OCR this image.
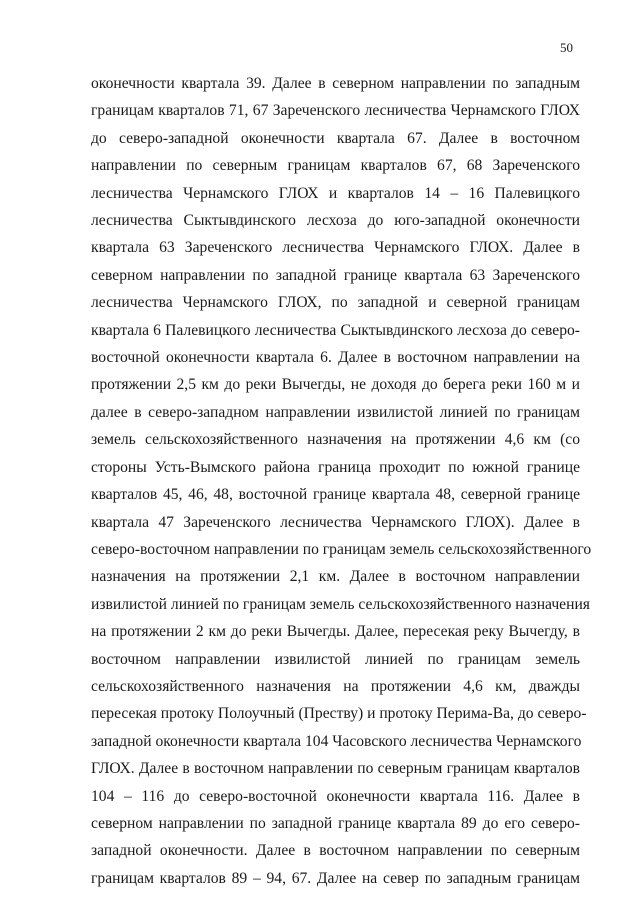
50
оконечности квартала 39. Далее в северном направлении по западным
границам кварталов 71, 67 Зареченского лесничества Чернамского ГЛОХ
до северо-западной оконечности квартала 67. Далее в восточном
направлении по северным границам кварталов 67, 68 Зареченского
лесничества Чернамского ГЛОХ и кварталов 14 – 16 Палевицкого
лесничества Сыктывдинского лесхоза до юго-западной оконечности
квартала 63 Зареченского лесничества Чернамского ГЛОХ. Далее в
северном направлении по западной границе квартала 63 Зареченского
лесничества Чернамского ГЛОХ, по западной и северной границам
квартала 6 Палевицкого лесничества Сыктывдинского лесхоза до северо-
восточной оконечности квартала 6. Далее в восточном направлении на
протяжении 2,5 км до реки Вычегды, не доходя до берега реки 160 м и
далее в северо-западном направлении извилистой линией по границам
земель сельскохозяйственного назначения на протяжении 4,6 км (со
стороны Усть-Вымского района граница проходит по южной границе
кварталов 45, 46, 48, восточной границе квартала 48, северной границе
квартала 47 Зареченского лесничества Чернамского ГЛОХ). Далее в
северо-восточном направлении по границам земель сельскохозяйственного
назначения на протяжении 2,1 км. Далее в восточном направлении
извилистой линией по границам земель сельскохозяйственного назначения
на протяжении 2 км до реки Вычегды. Далее, пересекая реку Вычегду, в
восточном направлении извилистой линией по границам земель
сельскохозяйственного назначения на протяжении 4,6 км, дважды
пересекая протоку Полоучный (Прeству) и протоку Перима-Ва, до северо-
западной оконечности квартала 104 Часовского лесничества Чернамского
ГЛОХ. Далее в восточном направлении по северным границам кварталов
104 – 116 до северо-восточной оконечности квартала 116. Далее в
северном направлении по западной границе квартала 89 до его северо-
западной оконечности. Далее в восточном направлении по северным
границам кварталов 89 – 94, 67. Далее на север по западным границам
